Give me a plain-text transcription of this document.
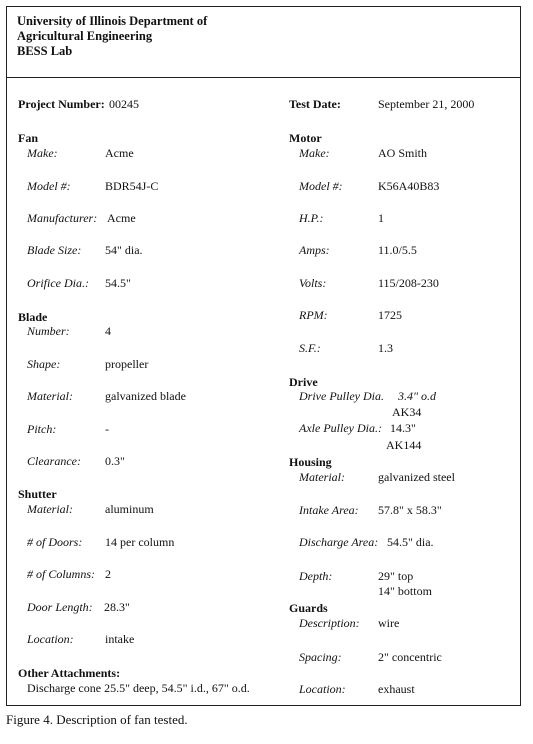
University of Illinois Department of
Agricultural Engineering
BESS Lab
Project Number: 00245	Test Date:	September 21, 2000
Fan
Make:	Acme
Model #:	BDR54J-C
Manufacturer: Acme
Blade Size: 54" dia.
Orifice Dia.: 54.5"
Blade
Number:	4
Shape:	propeller
Material:	galvanized blade
Pitch:	-
Clearance: 0.3"
Shutter
Material:	aluminum
# of Doors: 14 per column
# of Columns: 2
Door Length: 28.3"
Location:	intake
Other Attachments:
Discharge cone 25.5" deep, 54.5" i.d., 67" o.d.
Motor
Make:	AO Smith
Model #:	K56A40B83
H.P.:	1
Amps:	11.0/5.5
Volts:	115/208-230
RPM:	1725
S.F.:	1.3
Drive
Drive Pulley Dia. 3.4" o.d
AK34
Axle Pulley Dia.: 14.3"
AK144
Housing
Material:	galvanized steel
Intake Area: 57.8" x 58.3"
Discharge Area: 54.5" dia.
Depth:	29" top
14" bottom
Guards
Description: wire
Spacing:	2" concentric
Location:	exhaust
Figure 4. Description of fan tested.
